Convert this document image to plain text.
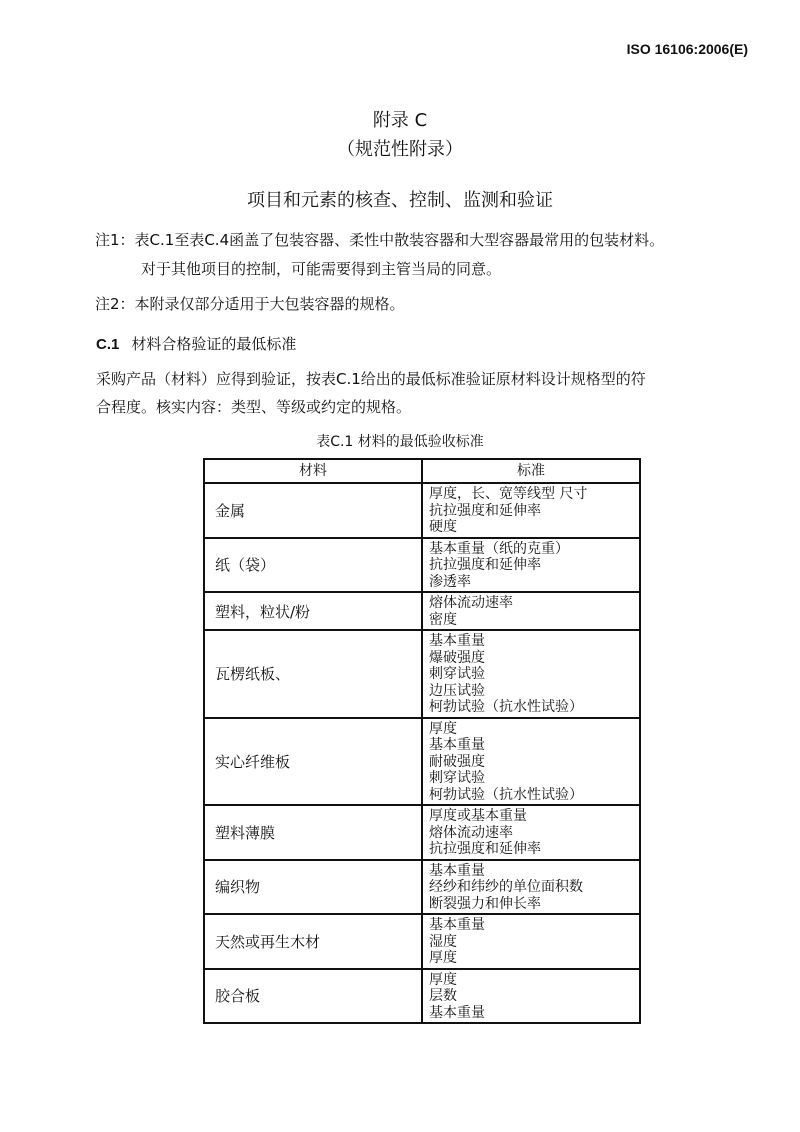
ISO 16106:2006(E)
附录 C
（规范性附录）
项目和元素的核查、控制、监测和验证
注1：表C.1至表C.4函盖了包装容器、柔性中散装容器和大型容器最常用的包装材料。
对于其他项目的控制，可能需要得到主管当局的同意。
注2：本附录仅部分适用于大包装容器的规格。
C.1 材料合格验证的最低标准
采购产品（材料）应得到验证，按表C.1给出的最低标准验证原材料设计规格型的符
合程度。核实内容：类型、等级或约定的规格。
表C.1 材料的最低验收标准
材料	标准
金属	厚度，长、宽等线型 尺寸
抗拉强度和延伸率
硬度

纸（袋）	基本重量（纸的克重）
抗拉强度和延伸率
渗透率

塑料，粒状/粉	熔体流动速率
密度

瓦楞纸板、	基本重量
爆破强度
刺穿试验
边压试验
柯勃试验（抗水性试验）

实心纤维板	厚度
基本重量
耐破强度
刺穿试验
柯勃试验（抗水性试验）

塑料薄膜	厚度或基本重量
熔体流动速率
抗拉强度和延伸率

编织物	基本重量
经纱和纬纱的单位面积数
断裂强力和伸长率

天然或再生木材	基本重量
湿度
厚度

胶合板	厚度
层数
基本重量
